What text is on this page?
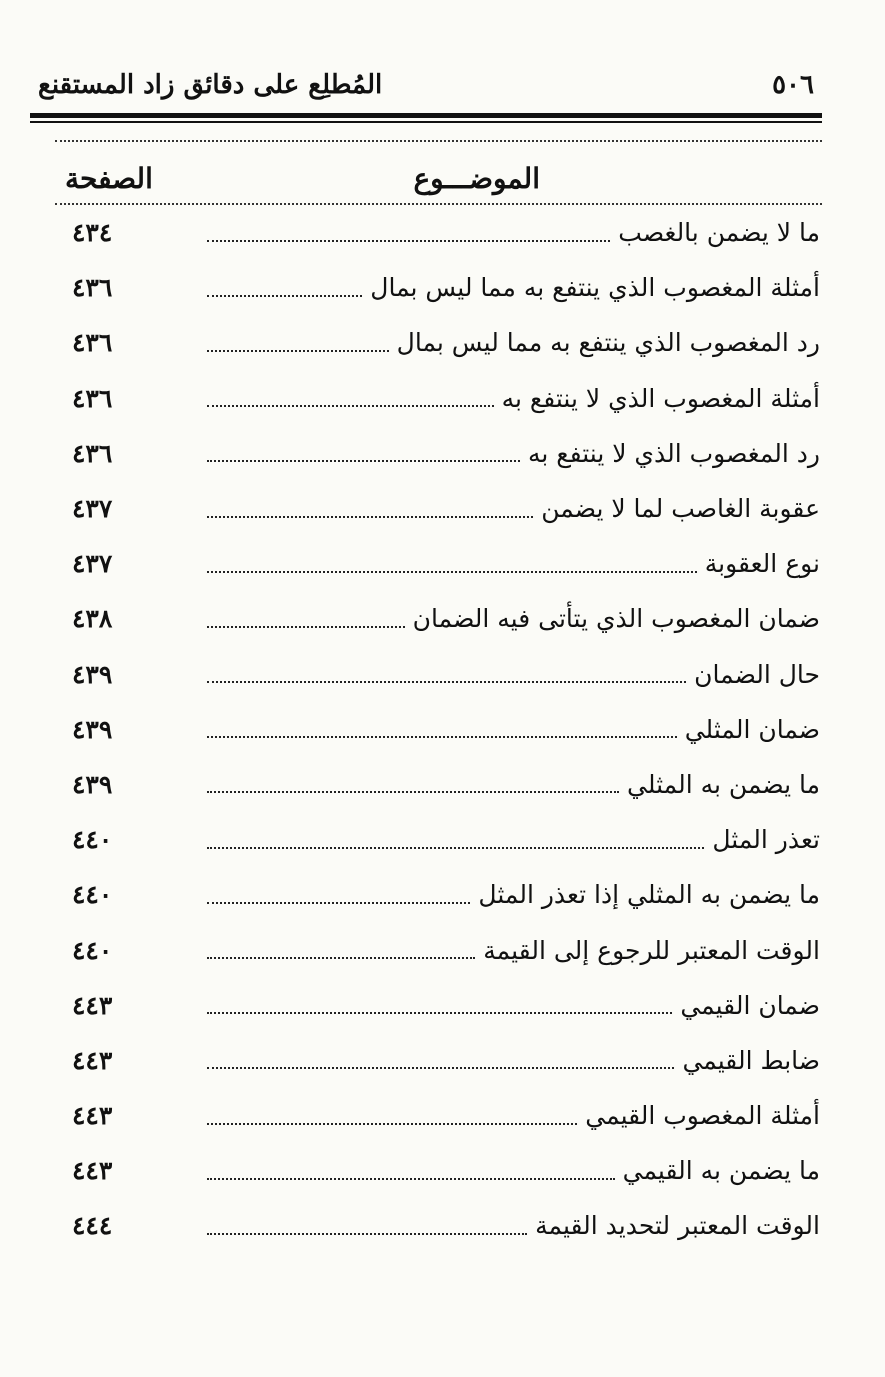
٥٠٦
المُطلِع على دقائق زاد المستقنع
الموضـــوع
الصفحة
ما لا يضمن بالغصب
٤٣٤
أمثلة المغصوب الذي ينتفع به مما ليس بمال
٤٣٦
رد المغصوب الذي ينتفع به مما ليس بمال
٤٣٦
أمثلة المغصوب الذي لا ينتفع به
٤٣٦
رد المغصوب الذي لا ينتفع به
٤٣٦
عقوبة الغاصب لما لا يضمن
٤٣٧
نوع العقوبة
٤٣٧
ضمان المغصوب الذي يتأتى فيه الضمان
٤٣٨
حال الضمان
٤٣٩
ضمان المثلي
٤٣٩
ما يضمن به المثلي
٤٣٩
تعذر المثل
٤٤٠
ما يضمن به المثلي إذا تعذر المثل
٤٤٠
الوقت المعتبر للرجوع إلى القيمة
٤٤٠
ضمان القيمي
٤٤٣
ضابط القيمي
٤٤٣
أمثلة المغصوب القيمي
٤٤٣
ما يضمن به القيمي
٤٤٣
الوقت المعتبر لتحديد القيمة
٤٤٤
